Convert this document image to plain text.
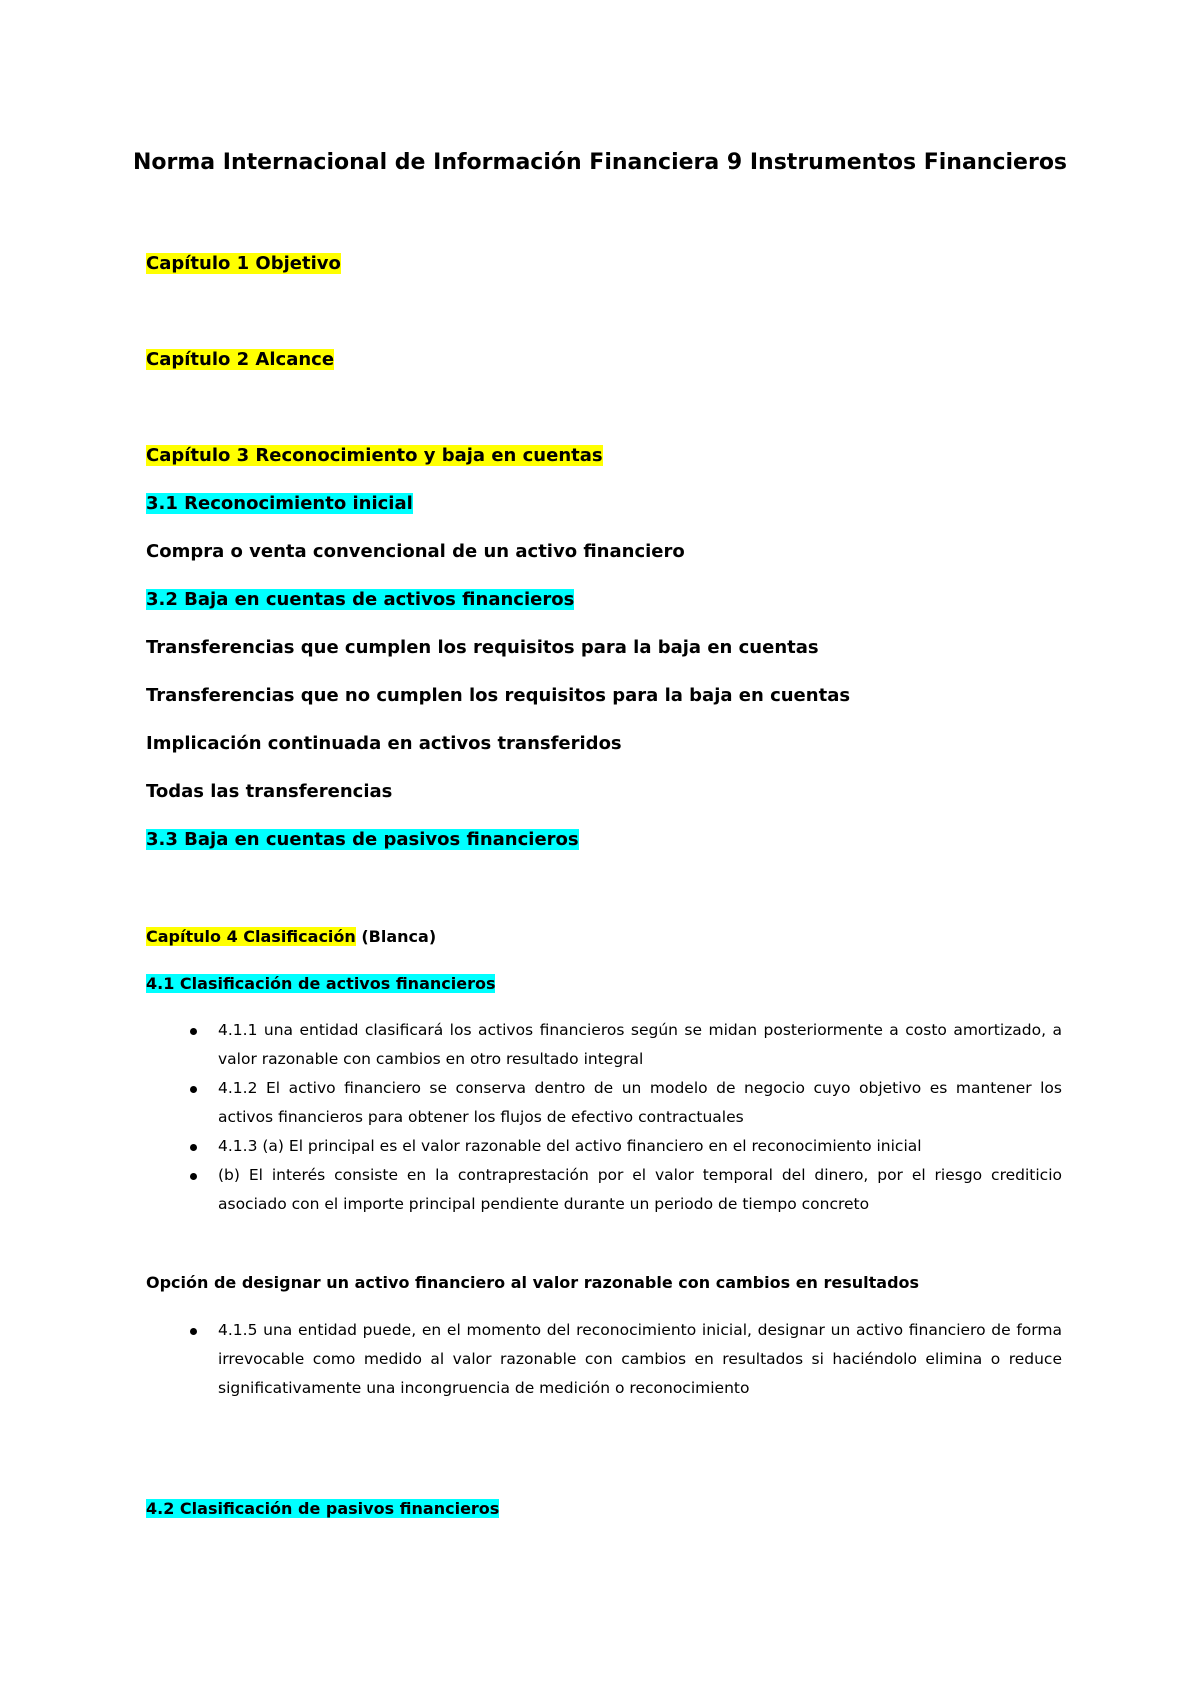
Norma Internacional de Información Financiera 9 Instrumentos Financieros
Capítulo 1 Objetivo
Capítulo 2 Alcance
Capítulo 3 Reconocimiento y baja en cuentas
3.1 Reconocimiento inicial
Compra o venta convencional de un activo financiero
3.2 Baja en cuentas de activos financieros
Transferencias que cumplen los requisitos para la baja en cuentas
Transferencias que no cumplen los requisitos para la baja en cuentas
Implicación continuada en activos transferidos
Todas las transferencias
3.3 Baja en cuentas de pasivos financieros
Capítulo 4 Clasificación (Blanca)
4.1 Clasificación de activos financieros
4.1.1 una entidad clasificará los activos financieros según se midan posteriormente a costo amortizado, a valor razonable con cambios en otro resultado integral
4.1.2 El activo financiero se conserva dentro de un modelo de negocio cuyo objetivo es mantener los activos financieros para obtener los flujos de efectivo contractuales
4.1.3 (a) El principal es el valor razonable del activo financiero en el reconocimiento inicial
(b) El interés consiste en la contraprestación por el valor temporal del dinero, por el riesgo crediticio asociado con el importe principal pendiente durante un periodo de tiempo concreto
Opción de designar un activo financiero al valor razonable con cambios en resultados
4.1.5 una entidad puede, en el momento del reconocimiento inicial, designar un activo financiero de forma irrevocable como medido al valor razonable con cambios en resultados si haciéndolo elimina o reduce significativamente una incongruencia de medición o reconocimiento
4.2 Clasificación de pasivos financieros
